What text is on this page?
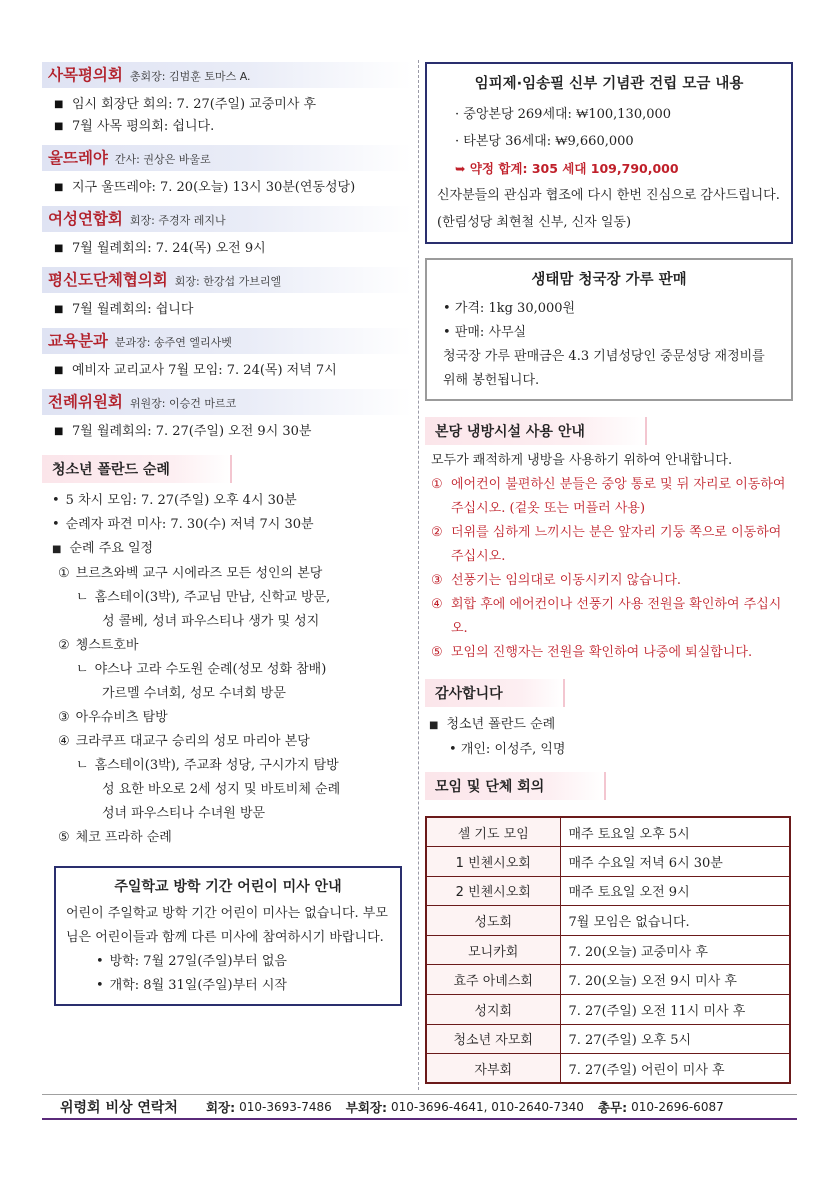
사목평의회 총회장: 김범훈 토마스 A.
■ 임시 회장단 회의: 7. 27(주일) 교중미사 후
■ 7월 사목 평의회: 쉽니다.
울뜨레야 간사: 권상은 바울로
■ 지구 울뜨레야: 7. 20(오늘) 13시 30분(연동성당)
여성연합회 회장: 주경자 레지나
■ 7월 월례회의: 7. 24(목) 오전 9시
평신도단체협의회 회장: 한강섭 가브리엘
■ 7월 월례회의: 쉽니다
교육분과 분과장: 송주연 엘리사벳
■ 예비자 교리교사 7월 모임: 7. 24(목) 저녁 7시
전례위원회 위원장: 이승건 마르코
■ 7월 월례회의: 7. 27(주일) 오전 9시 30분
청소년 폴란드 순례
• 5 차시 모임: 7. 27(주일) 오후 4시 30분
• 순례자 파견 미사: 7. 30(수) 저녁 7시 30분
■ 순례 주요 일정
① 브르츠와벡 교구 시에라즈 모든 성인의 본당
ㄴ 홈스테이(3박), 주교님 만남, 신학교 방문,
성 콜베, 성녀 파우스티나 생가 및 성지
② 쳉스트호바
ㄴ 야스나 고라 수도원 순례(성모 성화 참배)
가르멜 수녀회, 성모 수녀회 방문
③ 아우슈비츠 탐방
④ 크라쿠프 대교구 승리의 성모 마리아 본당
ㄴ 홈스테이(3박), 주교좌 성당, 구시가지 탐방
성 요한 바오로 2세 성지 및 바토비체 순례
성녀 파우스티나 수녀원 방문
⑤ 체코 프라하 순례
주일학교 방학 기간 어린이 미사 안내
어린이 주일학교 방학 기간 어린이 미사는 없습니다. 부모님은 어린이들과 함께 다른 미사에 참여하시기 바랍니다.
• 방학: 7월 27일(주일)부터 없음
• 개학: 8월 31일(주일)부터 시작
임피제·임송필 신부 기념관 건립 모금 내용
· 중앙본당 269세대: ₩100,130,000
· 타본당 36세대: ₩9,660,000
➥ 약정 합계: 305 세대 109,790,000
신자분들의 관심과 협조에 다시 한번 진심으로 감사드립니다. (한림성당 최현철 신부, 신자 일동)
생태맘 청국장 가루 판매
• 가격: 1kg 30,000원
• 판매: 사무실
청국장 가루 판매금은 4.3 기념성당인 중문성당 재정비를 위해 봉헌됩니다.
본당 냉방시설 사용 안내
모두가 쾌적하게 냉방을 사용하기 위하여 안내합니다.
① 에어컨이 불편하신 분들은 중앙 통로 및 뒤 자리로 이동하여 주십시오. (겉옷 또는 머플러 사용)
② 더위를 심하게 느끼시는 분은 앞자리 기둥 쪽으로 이동하여 주십시오.
③ 선풍기는 임의대로 이동시키지 않습니다.
④ 회합 후에 에어컨이나 선풍기 사용 전원을 확인하여 주십시오.
⑤ 모임의 진행자는 전원을 확인하여 나중에 퇴실합니다.
감사합니다
■ 청소년 폴란드 순례
• 개인: 이성주, 익명
모임 및 단체 회의
셀 기도 모임	매주 토요일 오후 5시
1 빈첸시오회	매주 수요일 저녁 6시 30분
2 빈첸시오회	매주 토요일 오전 9시
성도회	7월 모임은 없습니다.
모니카회	7. 20(오늘) 교중미사 후
효주 아녜스회	7. 20(오늘) 오전 9시 미사 후
성지회	7. 27(주일) 오전 11시 미사 후
청소년 자모회	7. 27(주일) 오후 5시
자부회	7. 27(주일) 어린이 미사 후
위령회 비상 연락처 회장: 010-3693-7486 부회장: 010-3696-4641, 010-2640-7340 총무: 010-2696-6087
